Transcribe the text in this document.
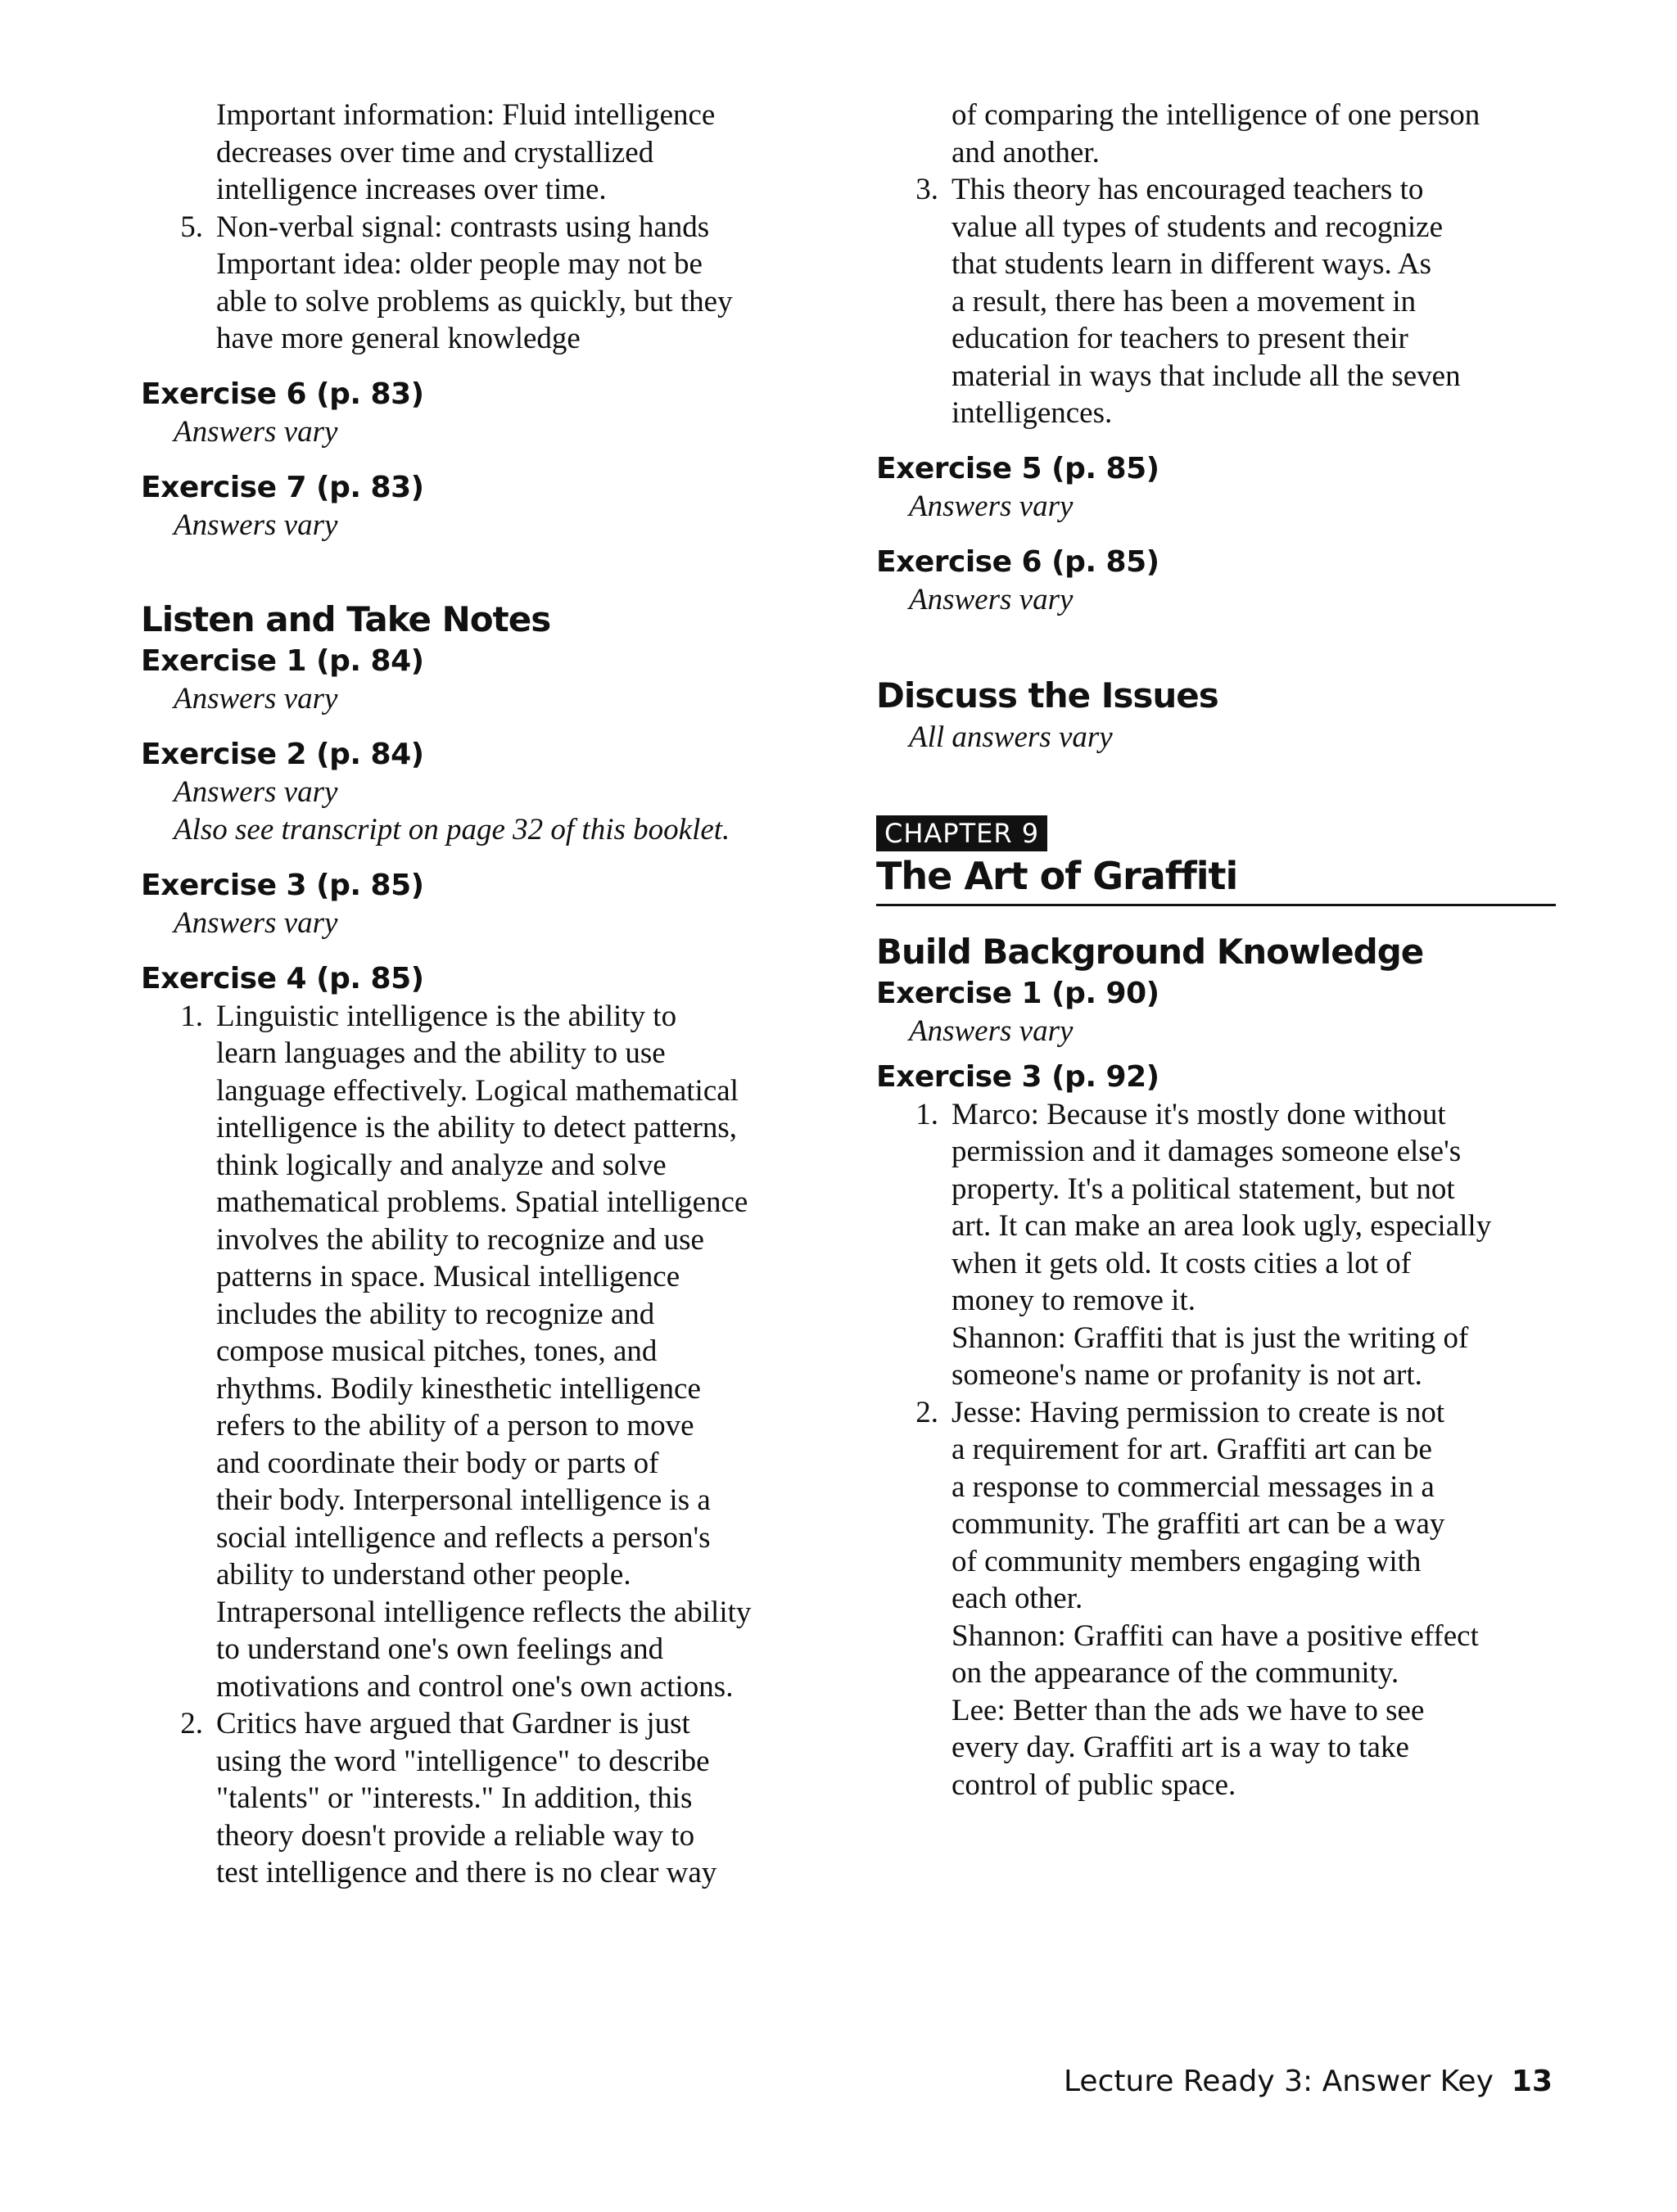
Important information: Fluid intelligence
decreases over time and crystallized
intelligence increases over time.
5. Non-verbal signal: contrasts using hands
Important idea: older people may not be
able to solve problems as quickly, but they
have more general knowledge
Exercise 6 (p. 83)
Answers vary
Exercise 7 (p. 83)
Answers vary
Listen and Take Notes
Exercise 1 (p. 84)
Answers vary
Exercise 2 (p. 84)
Answers vary
Also see transcript on page 32 of this booklet.
Exercise 3 (p. 85)
Answers vary
Exercise 4 (p. 85)
1. Linguistic intelligence is the ability to
learn languages and the ability to use
language effectively. Logical mathematical
intelligence is the ability to detect patterns,
think logically and analyze and solve
mathematical problems. Spatial intelligence
involves the ability to recognize and use
patterns in space. Musical intelligence
includes the ability to recognize and
compose musical pitches, tones, and
rhythms. Bodily kinesthetic intelligence
refers to the ability of a person to move
and coordinate their body or parts of
their body. Interpersonal intelligence is a
social intelligence and reflects a person's
ability to understand other people.
Intrapersonal intelligence reflects the ability
to understand one's own feelings and
motivations and control one's own actions.
2. Critics have argued that Gardner is just
using the word "intelligence" to describe
"talents" or "interests." In addition, this
theory doesn't provide a reliable way to
test intelligence and there is no clear way
of comparing the intelligence of one person
and another.
3. This theory has encouraged teachers to
value all types of students and recognize
that students learn in different ways. As
a result, there has been a movement in
education for teachers to present their
material in ways that include all the seven
intelligences.
Exercise 5 (p. 85)
Answers vary
Exercise 6 (p. 85)
Answers vary
Discuss the Issues
All answers vary
CHAPTER 9
The Art of Graffiti
Build Background Knowledge
Exercise 1 (p. 90)
Answers vary
Exercise 3 (p. 92)
1. Marco: Because it's mostly done without
permission and it damages someone else's
property. It's a political statement, but not
art. It can make an area look ugly, especially
when it gets old. It costs cities a lot of
money to remove it.
Shannon: Graffiti that is just the writing of
someone's name or profanity is not art.
2. Jesse: Having permission to create is not
a requirement for art. Graffiti art can be
a response to commercial messages in a
community. The graffiti art can be a way
of community members engaging with
each other.
Shannon: Graffiti can have a positive effect
on the appearance of the community.
Lee: Better than the ads we have to see
every day. Graffiti art is a way to take
control of public space.
Lecture Ready 3: Answer Key 13
